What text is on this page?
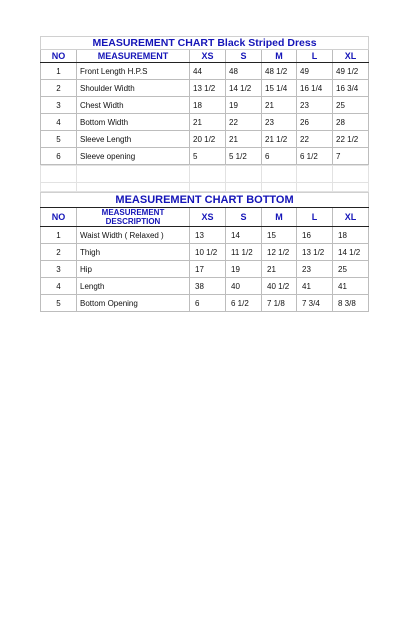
MEASUREMENT CHART Black Striped Dress						
NO	MEASUREMENT	XS	S	M	L	XL
1	Front Length H.P.S	44	48	48 1/2	49	49 1/2
2	Shoulder Width	13 1/2	14 1/2	15 1/4	16 1/4	16 3/4
3	Chest Width	18	19	21	23	25
4	Bottom Width	21	22	23	26	28
5	Sleeve Length	20 1/2	21	21 1/2	22	22 1/2
6	Sleeve opening	5	5 1/2	6	6 1/2	7

MEASUREMENT CHART BOTTOM						
NO	MEASUREMENT DESCRIPTION	XS	S	M	L	XL
1	Waist Width ( Relaxed )	13	14	15	16	18
2	Thigh	10 1/2	11 1/2	12 1/2	13 1/2	14 1/2
3	Hip	17	19	21	23	25
4	Length	38	40	40 1/2	41	41
5	Bottom Opening	6	6 1/2	7 1/8	7 3/4	8 3/8
